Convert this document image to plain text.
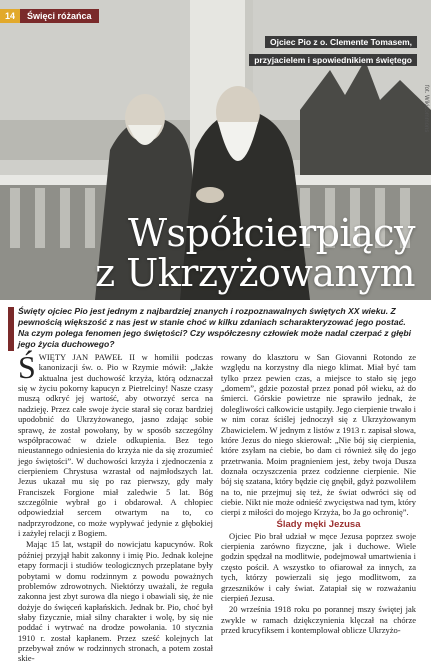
14	Święci różańca
Ojciec Pio z o. Clemente Tomasem,
przyjacielem i spowiednikiem świętego
fot. Wikicommons
Współcierpiący
z Ukrzyżowanym
Święty ojciec Pio jest jednym z najbardziej znanych i rozpoznawalnych świętych XX wieku. Z pewnością większość z nas jest w stanie choć w kilku zdaniach scharakteryzować jego postać. Na czym polega fenomen jego świętości? Czy współczesny człowiek może nadal czerpać z głębi jego życia duchowego?

ŚWIĘTY JAN PAWEŁ II w homilii podczas kanonizacji św. o. Pio w Rzymie mówił: „Jakże aktualna jest duchowość krzyża, którą odznaczał się w życiu pokorny kapucyn z Pietrelciny! Nasze czasy muszą odkryć jej wartość, aby otworzyć serca na nadzieję. Przez całe swoje życie starał się coraz bardziej upodobnić do Ukrzyżowanego, jasno zdając sobie sprawę, że został powołany, by w sposób szczególny współpracować w dziele odkupienia. Bez tego nieustannego odniesienia do krzyża nie da się zrozumieć jego świętości”. W duchowości krzyża i zjednoczenia z cierpieniem Chrystusa wzrastał od najmłodszych lat. Jezus ukazał mu się po raz pierwszy, gdy mały Franciszek Forgione miał zaledwie 5 lat. Bóg szczególnie wybrał go i obdarował. A chłopiec odpowiedział sercem otwartym na to, co nadprzyrodzone, co może wypływać jedynie z głębokiej i zażyłej relacji z Bogiem.

Mając 15 lat, wstąpił do nowicjatu kapucynów. Rok później przyjął habit zakonny i imię Pio. Jednak kolejne etapy formacji i studiów teologicznych przeplatane były pobytami w domu rodzinnym z powodu poważnych problemów zdrowotnych. Niektórzy uważali, że reguła zakonna jest zbyt surowa dla niego i obawiali się, że nie dożyje do święceń kapłańskich. Jednak br. Pio, choć był słaby fizycznie, miał silny charakter i wolę, by się nie poddać i wytrwać na drodze powołania. 10 stycznia 1910 r. został kapłanem. Przez sześć kolejnych lat przebywał znów w rodzinnych stronach, a potem został skie-

rowany do klasztoru w San Giovanni Rotondo ze względu na korzystny dla niego klimat. Miał być tam tylko przez pewien czas, a miejsce to stało się jego „domem”, gdzie pozostał przez ponad pół wieku, aż do śmierci. Górskie powietrze nie sprawiło jednak, że dolegliwości całkowicie ustąpiły. Jego cierpienie trwało i w nim coraz ściślej jednoczył się z Ukrzyżowanym Zbawicielem. W jednym z listów z 1913 r. zapisał słowa, które Jezus do niego skierował: „Nie bój się cierpienia, które zsyłam na ciebie, bo dam ci również siłę do jego przetrwania. Moim pragnieniem jest, żeby twoja Dusza doznała oczyszczenia przez codzienne cierpienie. Nie bój się szatana, który będzie cię gnębił, gdyż pozwoliłem na to, nie przejmuj się też, że świat odwróci się od ciebie. Nikt nie może odnieść zwycięstwa nad tym, który cierpi z miłości do mojego Krzyża, bo Ja go ochronię”.

Ślady męki Jezusa

Ojciec Pio brał udział w męce Jezusa poprzez swoje cierpienia zarówno fizyczne, jak i duchowe. Wiele godzin spędzał na modlitwie, podejmował umartwienia i często pościł. A wszystko to ofiarował za innych, za tych, którzy powierzali się jego modlitwom, za grzeszników i cały świat. Zatapiał się w rozważaniu cierpień Jezusa.

20 września 1918 roku po porannej mszy świętej jak zwykle w ramach dziękczynienia klęczał na chórze przed krucyfiksem i kontemplował oblicze Ukrzyżo-
